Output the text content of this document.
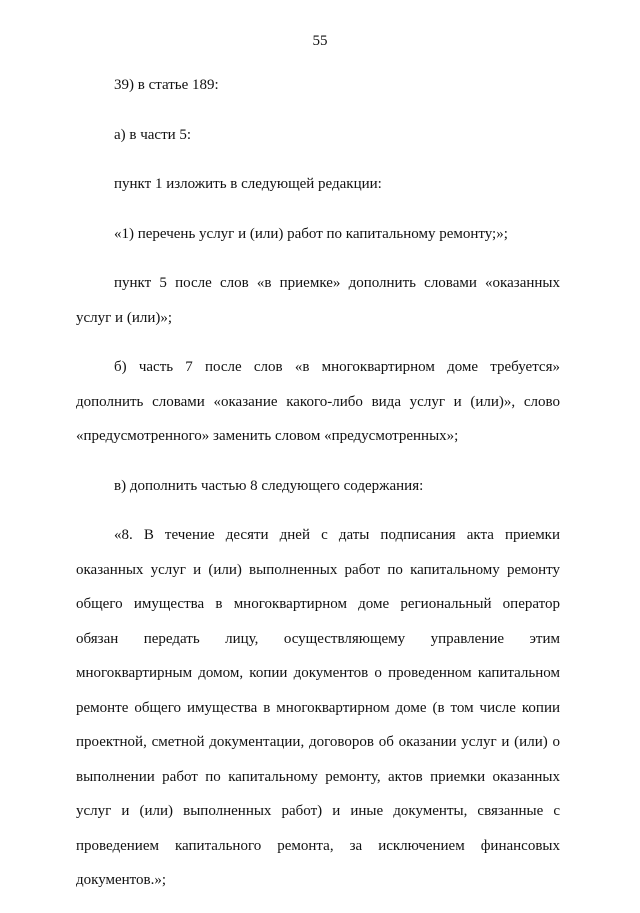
55

39) в статье 189:

а) в части 5:

пункт 1 изложить в следующей редакции:

«1) перечень услуг и (или) работ по капитальному ремонту;»;

пункт 5 после слов «в приемке» дополнить словами «оказанных услуг и (или)»;

б) часть 7 после слов «в многоквартирном доме требуется» дополнить словами «оказание какого-либо вида услуг и (или)», слово «предусмотренного» заменить словом «предусмотренных»;

в) дополнить частью 8 следующего содержания:

«8. В течение десяти дней с даты подписания акта приемки оказанных услуг и (или) выполненных работ по капитальному ремонту общего имущества в многоквартирном доме региональный оператор обязан передать лицу, осуществляющему управление этим многоквартирным домом, копии документов о проведенном капитальном ремонте общего имущества в многоквартирном доме (в том числе копии проектной, сметной документации, договоров об оказании услуг и (или) о выполнении работ по капитальному ремонту, актов приемки оказанных услуг и (или) выполненных работ) и иные документы, связанные с проведением капитального ремонта, за исключением финансовых документов.»;
